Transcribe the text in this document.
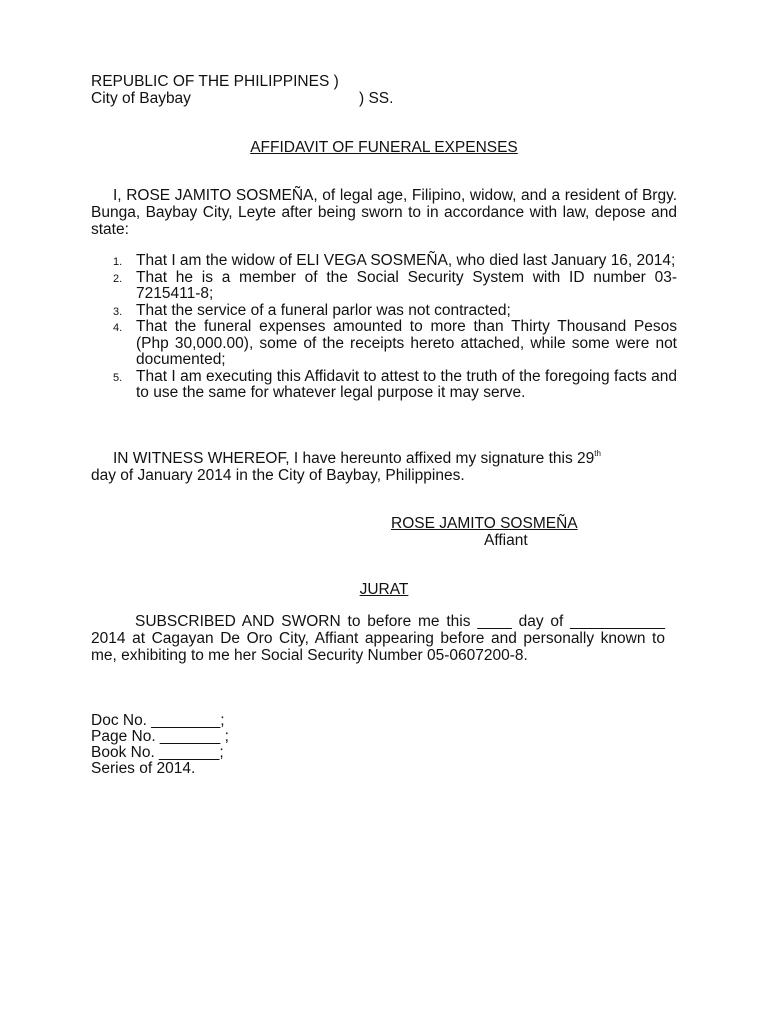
REPUBLIC OF THE PHILIPPINES )
City of Baybay	) SS.
AFFIDAVIT OF FUNERAL EXPENSES

I, ROSE JAMITO SOSMEÑA, of legal age, Filipino, widow, and a resident of Brgy. Bunga, Baybay City, Leyte after being sworn to in accordance with law, depose and state:

1. That I am the widow of ELI VEGA SOSMEÑA, who died last January 16, 2014;
2. That he is a member of the Social Security System with ID number 03-7215411-8;
3. That the service of a funeral parlor was not contracted;
4. That the funeral expenses amounted to more than Thirty Thousand Pesos (Php 30,000.00), some of the receipts hereto attached, while some were not documented;
5. That I am executing this Affidavit to attest to the truth of the foregoing facts and to use the same for whatever legal purpose it may serve.
IN WITNESS WHEREOF, I have hereunto affixed my signature this 29th
day of January 2014 in the City of Baybay, Philippines.
ROSE JAMITO SOSMEÑA
Affiant
JURAT

SUBSCRIBED AND SWORN to before me this ____ day of ___________ 2014 at Cagayan De Oro City, Affiant appearing before and personally known to me, exhibiting to me her Social Security Number 05-0607200-8.

Doc No. ________;
Page No. _______ ;
Book No. _______;
Series of 2014.
